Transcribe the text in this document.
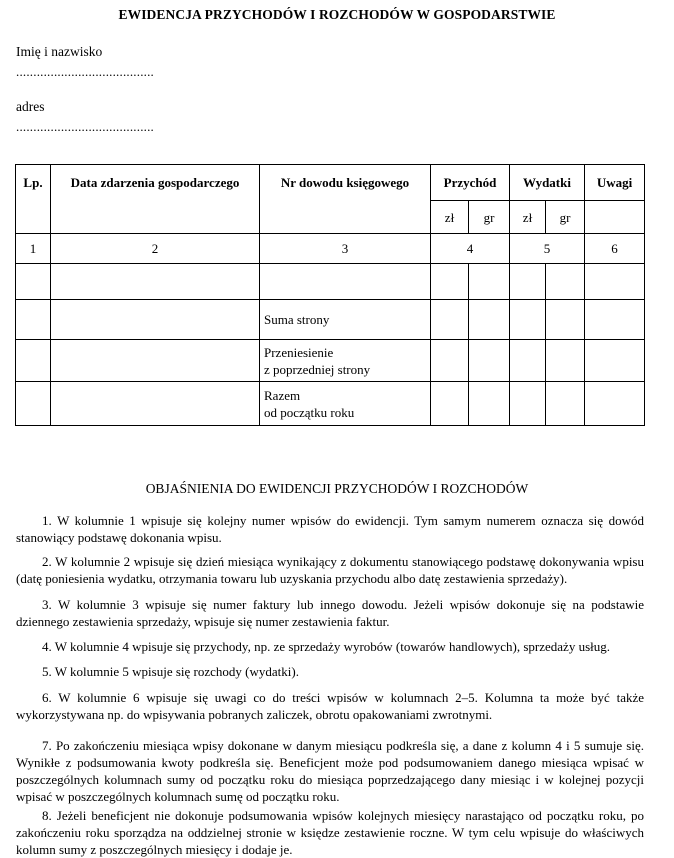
EWIDENCJA PRZYCHODÓW I ROZCHODÓW W GOSPODARSTWIE
Imię i nazwisko
........................................
adres
........................................
Lp.	Data zdarzenia gospodarczego	Nr dowodu księgowego	Przychód		Wydatki		Uwagi
			zł	gr	zł	gr	
1	2	3	4		5		6

		Suma strony					

		Przeniesienie
z poprzedniej strony					

		Razem
od początku roku					

OBJAŚNIENIA DO EWIDENCJI PRZYCHODÓW I ROZCHODÓW

1. W kolumnie 1 wpisuje się kolejny numer wpisów do ewidencji. Tym samym numerem oznacza się dowód stanowiący podstawę dokonania wpisu.

2. W kolumnie 2 wpisuje się dzień miesiąca wynikający z dokumentu stanowiącego podstawę dokonywania wpisu (datę poniesienia wydatku, otrzymania towaru lub uzyskania przychodu albo datę zestawienia sprzedaży).

3. W kolumnie 3 wpisuje się numer faktury lub innego dowodu. Jeżeli wpisów dokonuje się na podstawie dziennego zestawienia sprzedaży, wpisuje się numer zestawienia faktur.

4. W kolumnie 4 wpisuje się przychody, np. ze sprzedaży wyrobów (towarów handlowych), sprzedaży usług.

5. W kolumnie 5 wpisuje się rozchody (wydatki).

6. W kolumnie 6 wpisuje się uwagi co do treści wpisów w kolumnach 2–5. Kolumna ta może być także wykorzystywana np. do wpisywania pobranych zaliczek, obrotu opakowaniami zwrotnymi.

7. Po zakończeniu miesiąca wpisy dokonane w danym miesiącu podkreśla się, a dane z kolumn 4 i 5 sumuje się. Wynikłe z podsumowania kwoty podkreśla się. Beneficjent może pod podsumowaniem danego miesiąca wpisać w poszczególnych kolumnach sumy od początku roku do miesiąca poprzedzającego dany miesiąc i w kolejnej pozycji wpisać w poszczególnych kolumnach sumę od początku roku.

8. Jeżeli beneficjent nie dokonuje podsumowania wpisów kolejnych miesięcy narastająco od początku roku, po zakończeniu roku sporządza na oddzielnej stronie w księdze zestawienie roczne. W tym celu wpisuje do właściwych kolumn sumy z poszczególnych miesięcy i dodaje je.
